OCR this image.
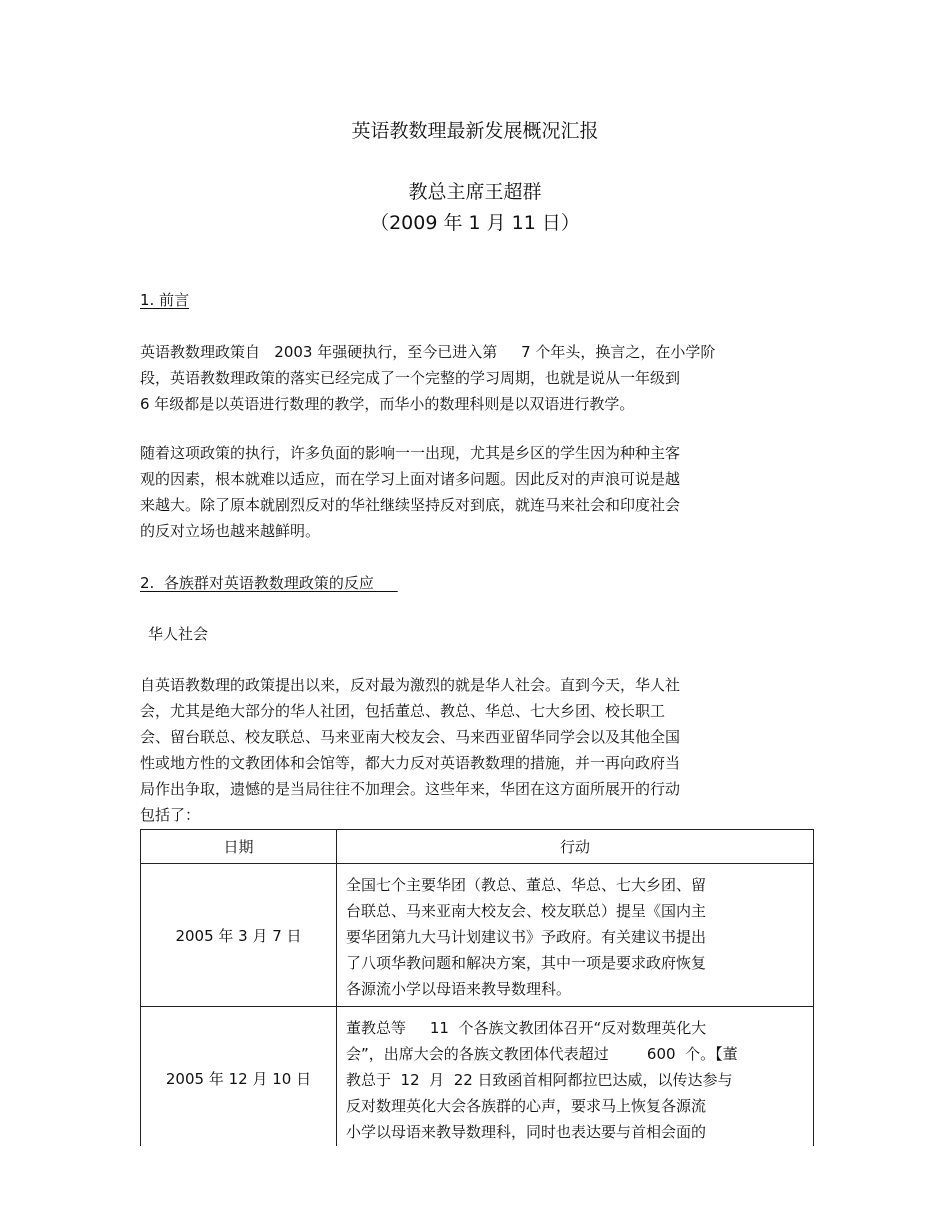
英语教数理最新发展概况汇报
教总主席王超群
（2009 年 1 月 11 日）
1. 前言
英语教数理政策自   2003 年强硬执行，至今已进入第     7 个年头，换言之，在小学阶
段，英语教数理政策的落实已经完成了一个完整的学习周期，也就是说从一年级到
6 年级都是以英语进行数理的教学，而华小的数理科则是以双语进行教学。
随着这项政策的执行，许多负面的影响一一出现，尤其是乡区的学生因为种种主客
观的因素，根本就难以适应，而在学习上面对诸多问题。因此反对的声浪可说是越
来越大。除了原本就剧烈反对的华社继续坚持反对到底，就连马来社会和印度社会
的反对立场也越来越鲜明。
2.  各族群对英语教数理政策的反应
华人社会
自英语教数理的政策提出以来，反对最为激烈的就是华人社会。直到今天，华人社
会，尤其是绝大部分的华人社团，包括董总、教总、华总、七大乡团、校长职工
会、留台联总、校友联总、马来亚南大校友会、马来西亚留华同学会以及其他全国
性或地方性的文教团体和会馆等，都大力反对英语教数理的措施，并一再向政府当
局作出争取，遗憾的是当局往往不加理会。这些年来，华团在这方面所展开的行动
包括了：
日期	行动
2005 年 3 月 7 日	全国七个主要华团（教总、董总、华总、七大乡团、留
台联总、马来亚南大校友会、校友联总）提呈《国内主
要华团第九大马计划建议书》予政府。有关建议书提出
了八项华教问题和解决方案，其中一项是要求政府恢复
各源流小学以母语来教导数理科。

2005 年 12 月 10 日	董教总等     11  个各族文教团体召开“反对数理英化大
会”，出席大会的各族文教团体代表超过        600  个。【董
教总于  12  月  22 日致函首相阿都拉巴达威，以传达参与
反对数理英化大会各族群的心声，要求马上恢复各源流
小学以母语来教导数理科，同时也表达要与首相会面的
